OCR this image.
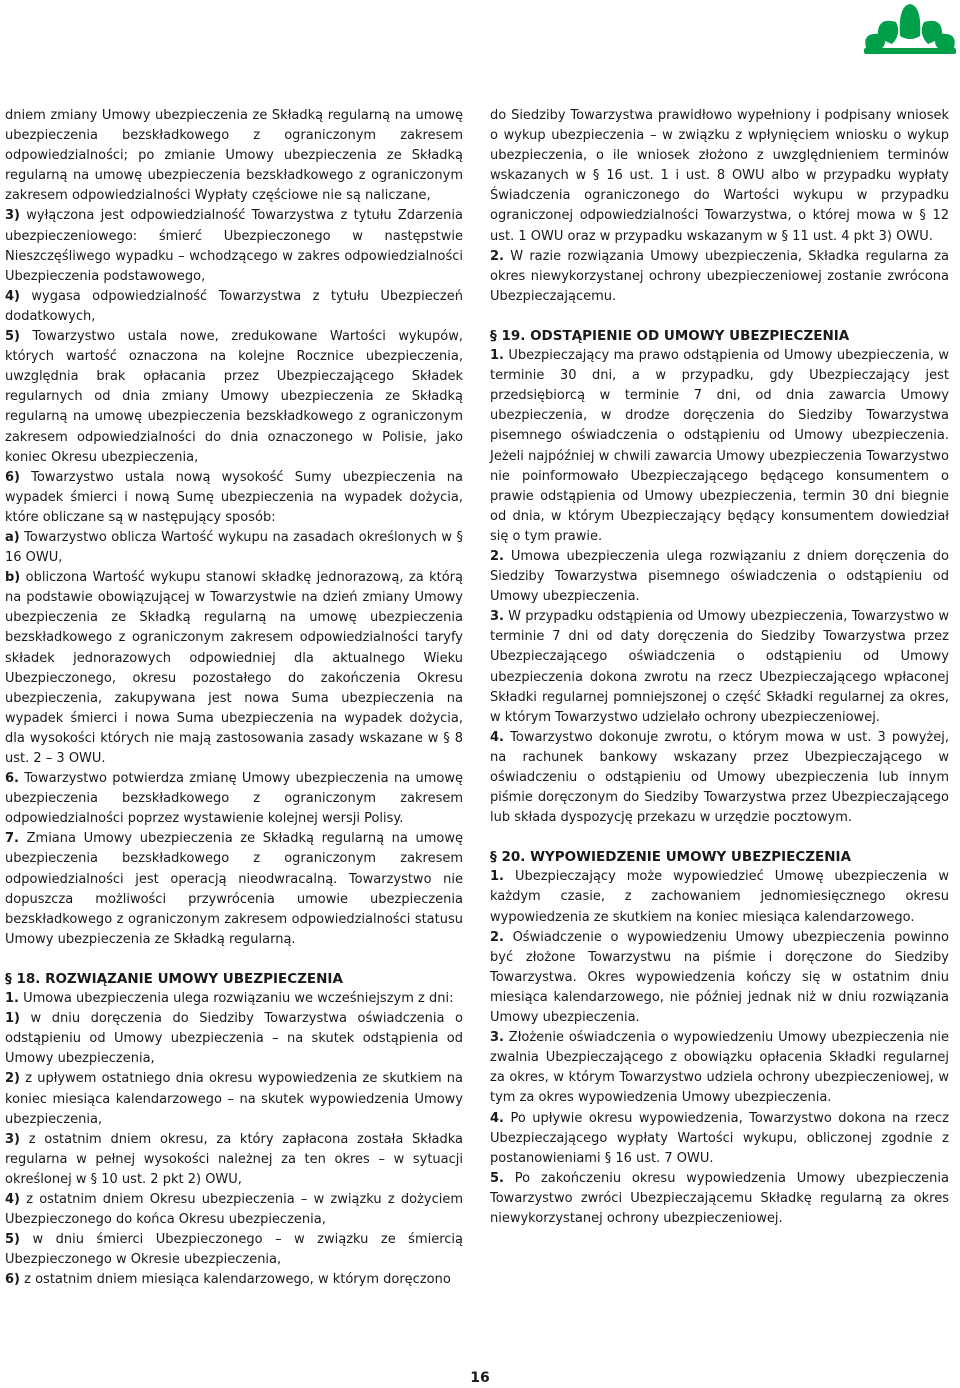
dniem zmiany Umowy ubezpieczenia ze Składką regularną na umowę ubezpieczenia bezskładkowego z ograniczonym zakresem odpowiedzialności; po zmianie Umowy ubezpieczenia ze Składką regularną na umowę ubezpieczenia bezskładkowego z ograniczonym zakresem odpowiedzialności Wypłaty częściowe nie są naliczane,

3) wyłączona jest odpowiedzialność Towarzystwa z tytułu Zdarzenia ubezpieczeniowego: śmierć Ubezpieczonego w następstwie Nieszczęśliwego wypadku – wchodzącego w zakres odpowiedzialności Ubezpieczenia podstawowego,

4) wygasa odpowiedzialność Towarzystwa z tytułu Ubezpieczeń dodatkowych,

5) Towarzystwo ustala nowe, zredukowane Wartości wykupów, których wartość oznaczona na kolejne Rocznice ubezpieczenia, uwzględnia brak opłacania przez Ubezpieczającego Składek regularnych od dnia zmiany Umowy ubezpieczenia ze Składką regularną na umowę ubezpieczenia bezskładkowego z ograniczonym zakresem odpowiedzialności do dnia oznaczonego w Polisie, jako koniec Okresu ubezpieczenia,

6) Towarzystwo ustala nową wysokość Sumy ubezpieczenia na wypadek śmierci i nową Sumę ubezpieczenia na wypadek dożycia, które obliczane są w następujący sposób:

a) Towarzystwo oblicza Wartość wykupu na zasadach określonych w § 16 OWU,

b) obliczona Wartość wykupu stanowi składkę jednorazową, za którą na podstawie obowiązującej w Towarzystwie na dzień zmiany Umowy ubezpieczenia ze Składką regularną na umowę ubezpieczenia bezskładkowego z ograniczonym zakresem odpowiedzialności taryfy składek jednorazowych odpowiedniej dla aktualnego Wieku Ubezpieczonego, okresu pozostałego do zakończenia Okresu ubezpieczenia, zakupywana jest nowa Suma ubezpieczenia na wypadek śmierci i nowa Suma ubezpieczenia na wypadek dożycia, dla wysokości których nie mają zastosowania zasady wskazane w § 8 ust. 2 – 3 OWU.

6. Towarzystwo potwierdza zmianę Umowy ubezpieczenia na umowę ubezpieczenia bezskładkowego z ograniczonym zakresem odpowiedzialności poprzez wystawienie kolejnej wersji Polisy.

7. Zmiana Umowy ubezpieczenia ze Składką regularną na umowę ubezpieczenia bezskładkowego z ograniczonym zakresem odpowiedzialności jest operacją nieodwracalną. Towarzystwo nie dopuszcza możliwości przywrócenia umowie ubezpieczenia bezskładkowego z ograniczonym zakresem odpowiedzialności statusu Umowy ubezpieczenia ze Składką regularną.

§ 18. ROZWIĄZANIE UMOWY UBEZPIECZENIA

1. Umowa ubezpieczenia ulega rozwiązaniu we wcześniejszym z dni:

1) w dniu doręczenia do Siedziby Towarzystwa oświadczenia o odstąpieniu od Umowy ubezpieczenia – na skutek odstąpienia od Umowy ubezpieczenia,

2) z upływem ostatniego dnia okresu wypowiedzenia ze skutkiem na koniec miesiąca kalendarzowego – na skutek wypowiedzenia Umowy ubezpieczenia,

3) z ostatnim dniem okresu, za który zapłacona została Składka regularna w pełnej wysokości należnej za ten okres – w sytuacji określonej w § 10 ust. 2 pkt 2) OWU,

4) z ostatnim dniem Okresu ubezpieczenia – w związku z dożyciem Ubezpieczonego do końca Okresu ubezpieczenia,

5) w dniu śmierci Ubezpieczonego – w związku ze śmiercią Ubezpieczonego w Okresie ubezpieczenia,

6) z ostatnim dniem miesiąca kalendarzowego, w którym doręczono

do Siedziby Towarzystwa prawidłowo wypełniony i podpisany wniosek o wykup ubezpieczenia – w związku z wpłynięciem wniosku o wykup ubezpieczenia, o ile wniosek złożono z uwzględnieniem terminów wskazanych w § 16 ust. 1 i ust. 8 OWU albo w przypadku wypłaty Świadczenia ograniczonego do Wartości wykupu w przypadku ograniczonej odpowiedzialności Towarzystwa, o której mowa w § 12 ust. 1 OWU oraz w przypadku wskazanym w § 11 ust. 4 pkt 3) OWU.

2. W razie rozwiązania Umowy ubezpieczenia, Składka regularna za okres niewykorzystanej ochrony ubezpieczeniowej zostanie zwrócona Ubezpieczającemu.

§ 19. ODSTĄPIENIE OD UMOWY UBEZPIECZENIA

1. Ubezpieczający ma prawo odstąpienia od Umowy ubezpieczenia, w terminie 30 dni, a w przypadku, gdy Ubezpieczający jest przedsiębiorcą w terminie 7 dni, od dnia zawarcia Umowy ubezpieczenia, w drodze doręczenia do Siedziby Towarzystwa pisemnego oświadczenia o odstąpieniu od Umowy ubezpieczenia. Jeżeli najpóźniej w chwili zawarcia Umowy ubezpieczenia Towarzystwo nie poinformowało Ubezpieczającego będącego konsumentem o prawie odstąpienia od Umowy ubezpieczenia, termin 30 dni biegnie od dnia, w którym Ubezpieczający będący konsumentem dowiedział się o tym prawie.

2. Umowa ubezpieczenia ulega rozwiązaniu z dniem doręczenia do Siedziby Towarzystwa pisemnego oświadczenia o odstąpieniu od Umowy ubezpieczenia.

3. W przypadku odstąpienia od Umowy ubezpieczenia, Towarzystwo w terminie 7 dni od daty doręczenia do Siedziby Towarzystwa przez Ubezpieczającego oświadczenia o odstąpieniu od Umowy ubezpieczenia dokona zwrotu na rzecz Ubezpieczającego wpłaconej Składki regularnej pomniejszonej o część Składki regularnej za okres, w którym Towarzystwo udzielało ochrony ubezpieczeniowej.

4. Towarzystwo dokonuje zwrotu, o którym mowa w ust. 3 powyżej, na rachunek bankowy wskazany przez Ubezpieczającego w oświadczeniu o odstąpieniu od Umowy ubezpieczenia lub innym piśmie doręczonym do Siedziby Towarzystwa przez Ubezpieczającego lub składa dyspozycję przekazu w urzędzie pocztowym.

§ 20. WYPOWIEDZENIE UMOWY UBEZPIECZENIA

1. Ubezpieczający może wypowiedzieć Umowę ubezpieczenia w każdym czasie, z zachowaniem jednomiesięcznego okresu wypowiedzenia ze skutkiem na koniec miesiąca kalendarzowego.

2. Oświadczenie o wypowiedzeniu Umowy ubezpieczenia powinno być złożone Towarzystwu na piśmie i doręczone do Siedziby Towarzystwa. Okres wypowiedzenia kończy się w ostatnim dniu miesiąca kalendarzowego, nie później jednak niż w dniu rozwiązania Umowy ubezpieczenia.

3. Złożenie oświadczenia o wypowiedzeniu Umowy ubezpieczenia nie zwalnia Ubezpieczającego z obowiązku opłacenia Składki regularnej za okres, w którym Towarzystwo udziela ochrony ubezpieczeniowej, w tym za okres wypowiedzenia Umowy ubezpieczenia.

4. Po upływie okresu wypowiedzenia, Towarzystwo dokona na rzecz Ubezpieczającego wypłaty Wartości wykupu, obliczonej zgodnie z postanowieniami § 16 ust. 7 OWU.

5. Po zakończeniu okresu wypowiedzenia Umowy ubezpieczenia Towarzystwo zwróci Ubezpieczającemu Składkę regularną za okres niewykorzystanej ochrony ubezpieczeniowej.

16
